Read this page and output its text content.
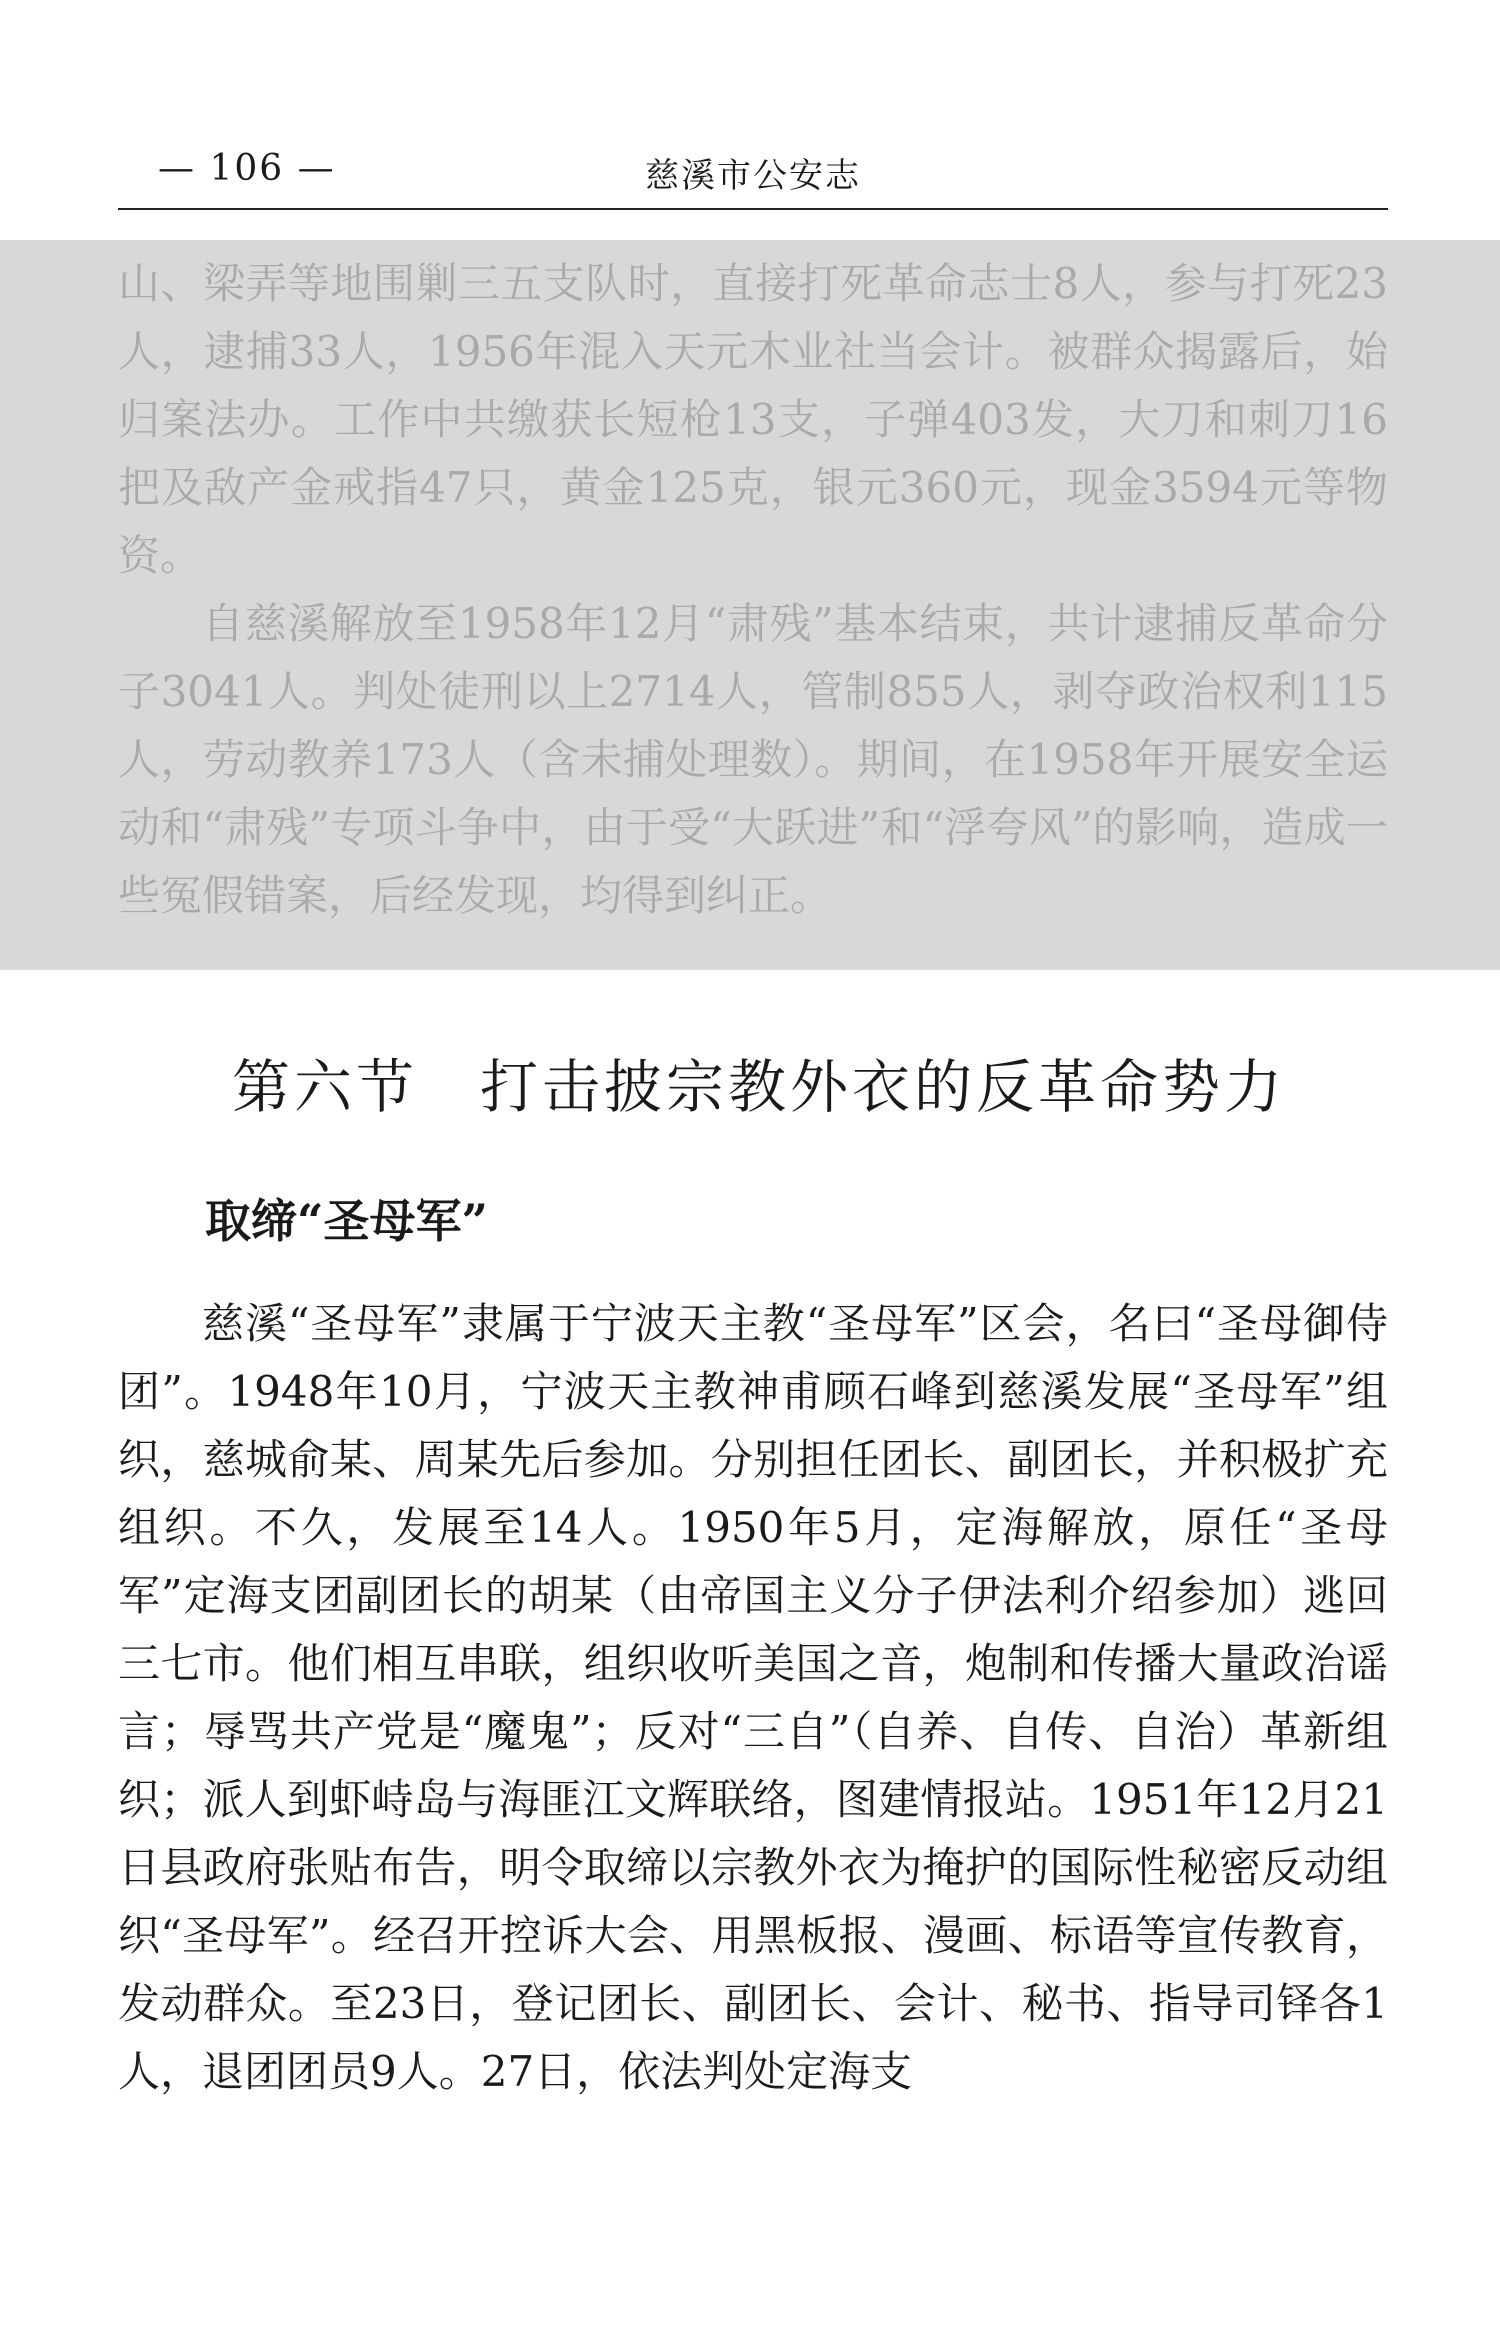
— 106 —	慈溪市公安志

山、梁弄等地围剿三五支队时，直接打死革命志士8人，参与打死23人，逮捕33人，1956年混入天元木业社当会计。被群众揭露后，始归案法办。工作中共缴获长短枪13支，子弹403发，大刀和刺刀16把及敌产金戒指47只，黄金125克，银元360元，现金3594元等物资。

自慈溪解放至1958年12月“肃残”基本结束，共计逮捕反革命分子3041人。判处徒刑以上2714人，管制855人，剥夺政治权利115人，劳动教养173人（含未捕处理数）。期间，在1958年开展安全运动和“肃残”专项斗争中，由于受“大跃进”和“浮夸风”的影响，造成一些冤假错案，后经发现，均得到纠正。

第六节　打击披宗教外衣的反革命势力
取缔“圣母军”

慈溪“圣母军”隶属于宁波天主教“圣母军”区会，名曰“圣母御侍团”。1948年10月，宁波天主教神甫顾石峰到慈溪发展“圣母军”组织，慈城俞某、周某先后参加。分别担任团长、副团长，并积极扩充组织。不久，发展至14人。1950年5月，定海解放，原任“圣母军”定海支团副团长的胡某（由帝国主义分子伊法利介绍参加）逃回三七市。他们相互串联，组织收听美国之音，炮制和传播大量政治谣言；辱骂共产党是“魔鬼”；反对“三自”（自养、自传、自治）革新组织；派人到虾峙岛与海匪江文辉联络，图建情报站。1951年12月21日县政府张贴布告，明令取缔以宗教外衣为掩护的国际性秘密反动组织“圣母军”。经召开控诉大会、用黑板报、漫画、标语等宣传教育，发动群众。至23日，登记团长、副团长、会计、秘书、指导司铎各1人，退团团员9人。27日，依法判处定海支
